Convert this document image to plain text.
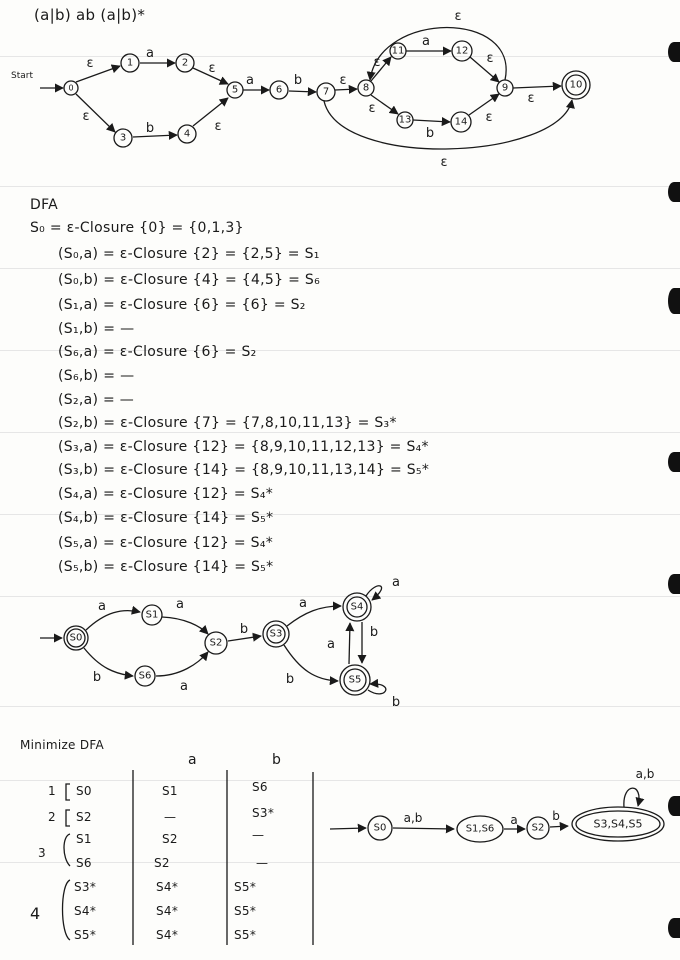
(a|b) ab (a|b)*
0
1	2
3	4
5	6	7	8	9	10
11	12
13	14
Start
ε
a
ε
ε
b	ε
a	b	ε
ε
a
ε
ε
ε
b
ε
ε
ε
DFA
S₀ = ε-Closure {0} = {0,1,3}
(S₀,a) = ε-Closure {2} = {2,5} = S₁
(S₀,b) = ε-Closure {4} = {4,5} = S₆
(S₁,a) = ε-Closure {6} = {6} = S₂
(S₁,b) = —
(S₆,a) = ε-Closure {6} = S₂
(S₆,b) = —
(S₂,a) = —
(S₂,b) = ε-Closure {7} = {7,8,10,11,13} = S₃*
(S₃,a) = ε-Closure {12} = {8,9,10,11,12,13} = S₄*
(S₃,b) = ε-Closure {14} = {8,9,10,11,13,14} = S₅*
(S₄,a) = ε-Closure {12} = S₄*
(S₄,b) = ε-Closure {14} = S₅*
(S₅,a) = ε-Closure {12} = S₄*
(S₅,b) = ε-Closure {14} = S₅*
S0
S1
S2
S3
S4
S5
S6
a	a
b
a
b
a
b
a
b
a
b
Minimize DFA
a	b
1
2
3
4
S0	S1	S6
S2	—	S3*
S1	S2	—
S6	S2	—
S3*	S4*	S5*
S4*	S4*	S5*
S5*	S4*	S5*
S0	S1,S6	S2	S3,S4,S5
a,b	a	b
a,b
